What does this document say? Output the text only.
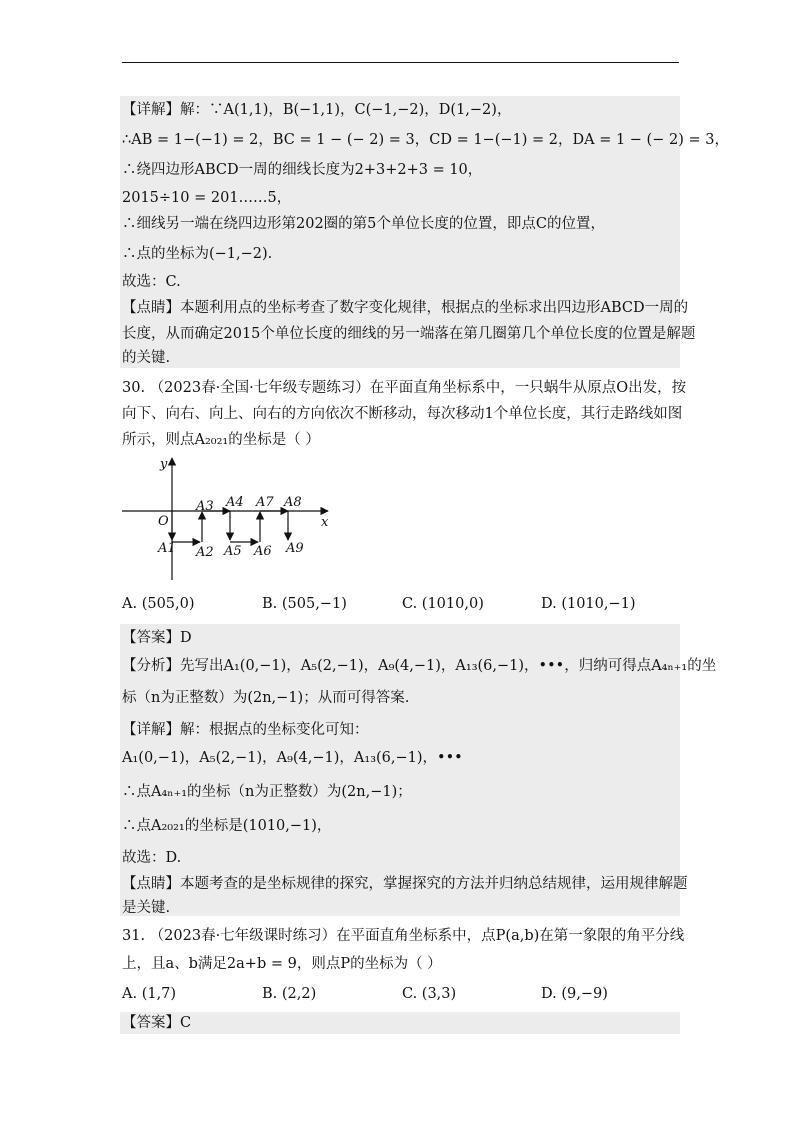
【详解】解：∵A(1,1)，B(−1,1)，C(−1,−2)，D(1,−2)，
∴AB = 1−(−1) = 2，BC = 1 − (− 2) = 3，CD = 1−(−1) = 2，DA = 1 − (− 2) = 3，
∴绕四边形ABCD一周的细线长度为2+3+2+3 = 10，
2015÷10 = 201……5，
∴细线另一端在绕四边形第202圈的第5个单位长度的位置，即点C的位置，
∴点的坐标为(−1,−2).
故选：C.
【点睛】本题利用点的坐标考查了数字变化规律，根据点的坐标求出四边形ABCD一周的
长度，从而确定2015个单位长度的细线的另一端落在第几圈第几个单位长度的位置是解题
的关键.
30. （2023春·全国·七年级专题练习）在平面直角坐标系中，一只蜗牛从原点O出发，按
向下、向右、向上、向右的方向依次不断移动，每次移动1个单位长度，其行走路线如图
所示，则点A₂₀₂₁的坐标是（ ）
y
x
O
A1 A2
A3 A4
A5 A6
A7 A8
A9
A. (505,0)	B. (505,−1)	C. (1010,0)	D. (1010,−1)
【答案】D
【分析】先写出A₁(0,−1)，A₅(2,−1)，A₉(4,−1)，A₁₃(6,−1)，•••，归纳可得点A₄ₙ₊₁的坐
标（n为正整数）为(2n,−1)；从而可得答案.
【详解】解：根据点的坐标变化可知：
A₁(0,−1)，A₅(2,−1)，A₉(4,−1)，A₁₃(6,−1)，•••
∴点A₄ₙ₊₁的坐标（n为正整数）为(2n,−1)；
∴点A₂₀₂₁的坐标是(1010,−1)，
故选：D.
【点睛】本题考查的是坐标规律的探究，掌握探究的方法并归纳总结规律，运用规律解题
是关键.
31. （2023春·七年级课时练习）在平面直角坐标系中，点P(a,b)在第一象限的角平分线
上，且a、b满足2a+b = 9，则点P的坐标为（ ）
A. (1,7)	B. (2,2)	C. (3,3)	D. (9,−9)
【答案】C
